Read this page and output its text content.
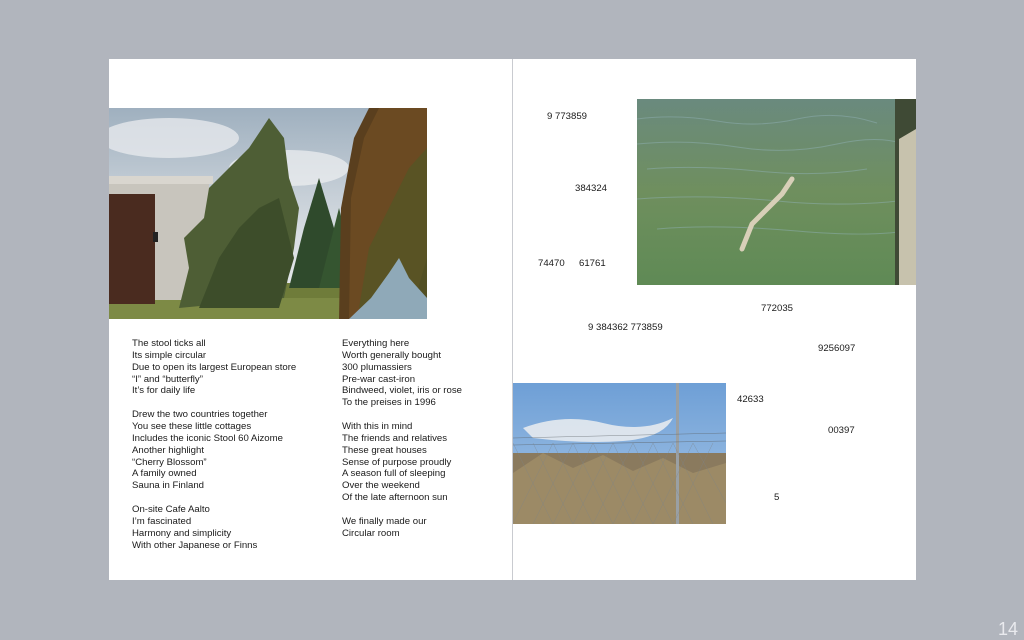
The stool ticks all
Its simple circular
Due to open its largest European store
“I” and “butterfly”
It’s for daily life
Drew the two countries together
You see these little cottages
Includes the iconic Stool 60 Aizome
Another highlight
“Cherry Blossom”
A family owned
Sauna in Finland
On-site Cafe Aalto
I’m fascinated
Harmony and simplicity
With other Japanese or Finns
Everything here
Worth generally bought
300 plumassiers
Pre-war cast-iron
Bindweed, violet, iris or rose
To the preises in 1996
With this in mind
The friends and relatives
These great houses
Sense of purpose proudly
A season full of sleeping
Over the weekend
Of the late afternoon sun
We finally made our
Circular room
9 773859
384324
74470 61761
772035
9 384362 773859
9256097
42633
00397
5
14
